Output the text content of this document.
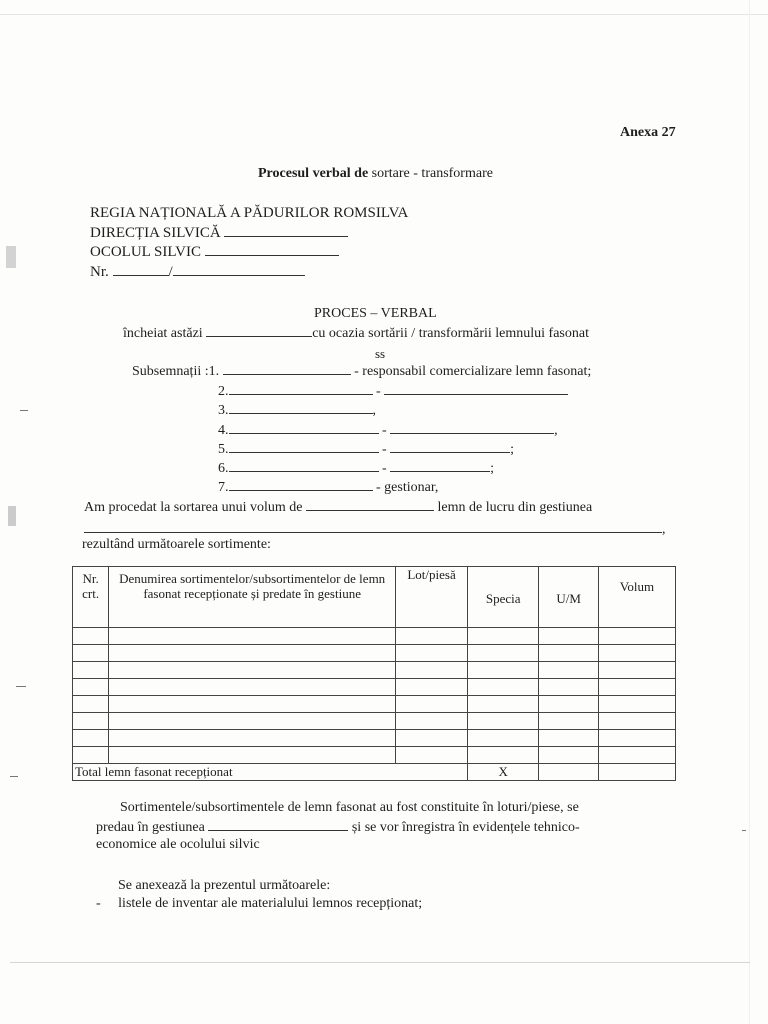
Anexa 27
Procesul verbal de sortare - transformare
REGIA NAȚIONALĂ A PĂDURILOR ROMSILVA
DIRECȚIA SILVICĂ
OCOLUL SILVIC
Nr.	/
PROCES – VERBAL
încheiat astăzi	cu ocazia sortării / transformării lemnului fasonat
ss
Subsemnații :1.	- responsabil comercializare lemn fasonat;
2.	-
3.	,
4.	-	,
5.	-	;
6.	-	;
7.	- gestionar,
Am procedat la sortarea unui volum de	lemn de lucru din gestiunea
,
rezultând următoarele sortimente:
Nr. crt.	Denumirea sortimentelor/subsortimentelor de lemn fasonat recepționate și predate în gestiune	Lot/piesă	Specia	U/M	Volum

Total lemn fasonat recepționat			X		
Sortimentele/subsortimentele de lemn fasonat au fost constituite în loturi/piese, se
predau în gestiunea	și se vor înregistra în evidențele tehnico-
economice ale ocolului silvic
Se anexează la prezentul următoarele:
- listele de inventar ale materialului lemnos recepționat;
